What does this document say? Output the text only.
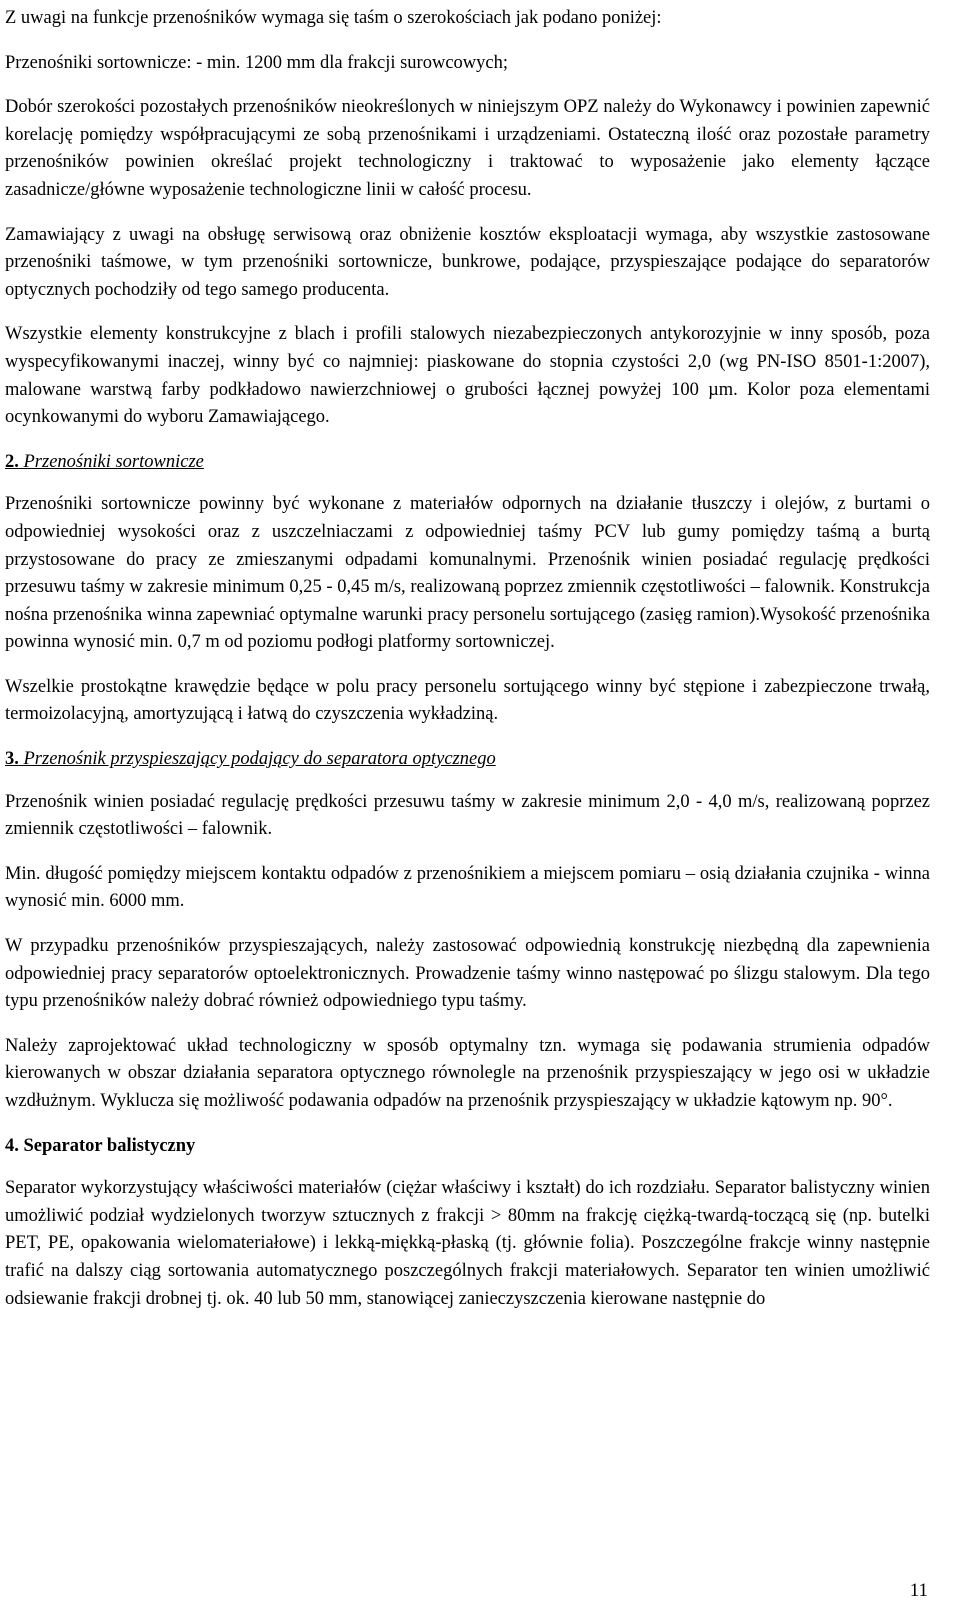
Z uwagi na funkcje przenośników wymaga się taśm o szerokościach jak podano poniżej:

Przenośniki sortownicze: - min. 1200 mm dla frakcji surowcowych;

Dobór szerokości pozostałych przenośników nieokreślonych w niniejszym OPZ należy do Wykonawcy i powinien zapewnić korelację pomiędzy współpracującymi ze sobą przenośnikami i urządzeniami. Ostateczną ilość oraz pozostałe parametry przenośników powinien określać projekt technologiczny i traktować to wyposażenie jako elementy łączące zasadnicze/główne wyposażenie technologiczne linii w całość procesu.

Zamawiający z uwagi na obsługę serwisową oraz obniżenie kosztów eksploatacji wymaga, aby wszystkie zastosowane przenośniki taśmowe, w tym przenośniki sortownicze, bunkrowe, podające, przyspieszające podające do separatorów optycznych pochodziły od tego samego producenta.

Wszystkie elementy konstrukcyjne z blach i profili stalowych niezabezpieczonych antykorozyjnie w inny sposób, poza wyspecyfikowanymi inaczej, winny być co najmniej: piaskowane do stopnia czystości 2,0 (wg PN-ISO 8501-1:2007), malowane warstwą farby podkładowo nawierzchniowej o grubości łącznej powyżej 100 µm. Kolor poza elementami ocynkowanymi do wyboru Zamawiającego.

2. Przenośniki sortownicze

Przenośniki sortownicze powinny być wykonane z materiałów odpornych na działanie tłuszczy i olejów, z burtami o odpowiedniej wysokości oraz z uszczelniaczami z odpowiedniej taśmy PCV lub gumy pomiędzy taśmą a burtą przystosowane do pracy ze zmieszanymi odpadami komunalnymi. Przenośnik winien posiadać regulację prędkości przesuwu taśmy w zakresie minimum 0,25 - 0,45 m/s, realizowaną poprzez zmiennik częstotliwości – falownik. Konstrukcja nośna przenośnika winna zapewniać optymalne warunki pracy personelu sortującego (zasięg ramion).Wysokość przenośnika powinna wynosić min. 0,7 m od poziomu podłogi platformy sortowniczej.

Wszelkie prostokątne krawędzie będące w polu pracy personelu sortującego winny być stępione i zabezpieczone trwałą, termoizolacyjną, amortyzującą i łatwą do czyszczenia wykładziną.

3. Przenośnik przyspieszający podający do separatora optycznego

Przenośnik winien posiadać regulację prędkości przesuwu taśmy w zakresie minimum 2,0 - 4,0 m/s, realizowaną poprzez zmiennik częstotliwości – falownik.

Min. długość pomiędzy miejscem kontaktu odpadów z przenośnikiem a miejscem pomiaru – osią działania czujnika - winna wynosić min. 6000 mm.

W przypadku przenośników przyspieszających, należy zastosować odpowiednią konstrukcję niezbędną dla zapewnienia odpowiedniej pracy separatorów optoelektronicznych. Prowadzenie taśmy winno następować po ślizgu stalowym. Dla tego typu przenośników należy dobrać również odpowiedniego typu taśmy.

Należy zaprojektować układ technologiczny w sposób optymalny tzn. wymaga się podawania strumienia odpadów kierowanych w obszar działania separatora optycznego równolegle na przenośnik przyspieszający w jego osi w układzie wzdłużnym. Wyklucza się możliwość podawania odpadów na przenośnik przyspieszający w układzie kątowym np. 90°.

4. Separator balistyczny

Separator wykorzystujący właściwości materiałów (ciężar właściwy i kształt) do ich rozdziału. Separator balistyczny winien umożliwić podział wydzielonych tworzyw sztucznych z frakcji > 80mm na frakcję ciężką-twardą-toczącą się (np. butelki PET, PE, opakowania wielomateriałowe) i lekką-miękką-płaską (tj. głównie folia). Poszczególne frakcje winny następnie trafić na dalszy ciąg sortowania automatycznego poszczególnych frakcji materiałowych. Separator ten winien umożliwić odsiewanie frakcji drobnej tj. ok. 40 lub 50 mm, stanowiącej zanieczyszczenia kierowane następnie do

11
